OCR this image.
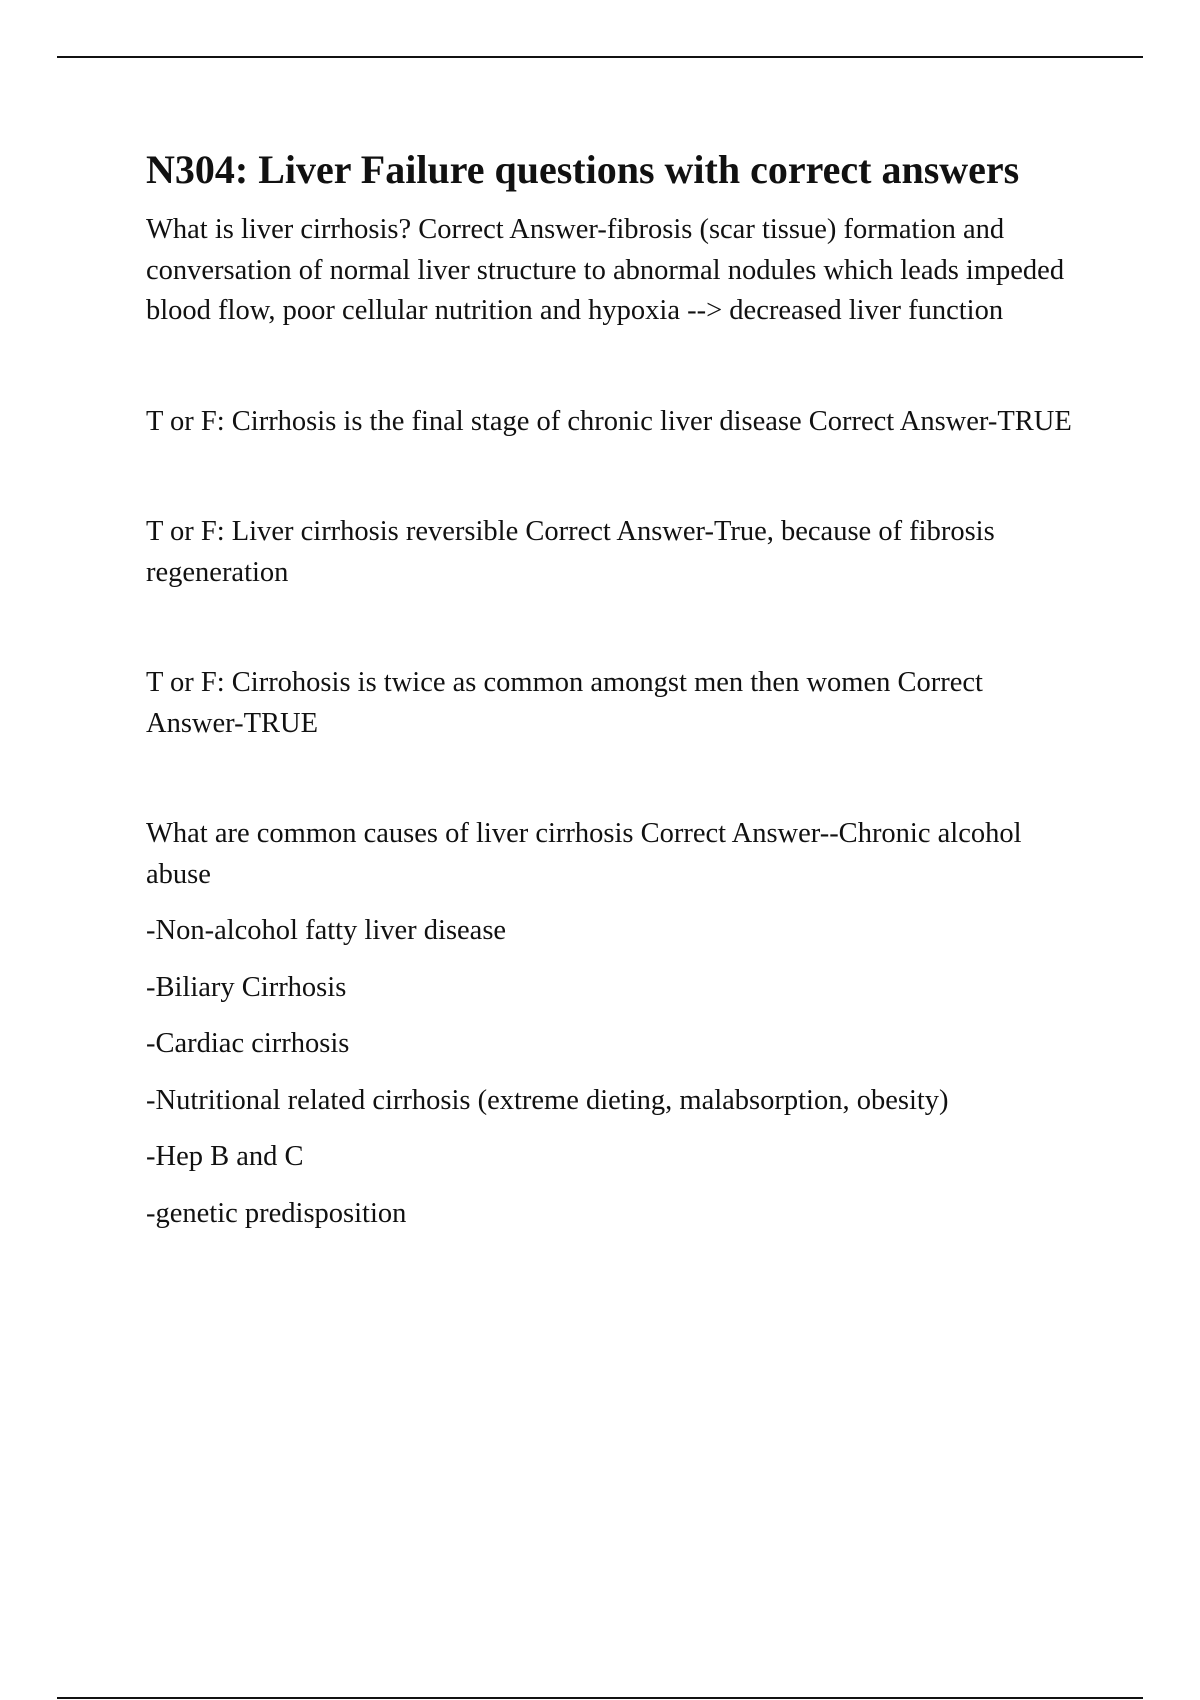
N304: Liver Failure questions with correct answers

What is liver cirrhosis? Correct Answer-fibrosis (scar tissue) formation and conversation of normal liver structure to abnormal nodules which leads impeded blood flow, poor cellular nutrition and hypoxia --> decreased liver function

T or F: Cirrhosis is the final stage of chronic liver disease Correct Answer-TRUE

T or F: Liver cirrhosis reversible Correct Answer-True, because of fibrosis regeneration

T or F: Cirrohosis is twice as common amongst men then women Correct Answer-TRUE

What are common causes of liver cirrhosis Correct Answer--Chronic alcohol abuse

-Non-alcohol fatty liver disease

-Biliary Cirrhosis

-Cardiac cirrhosis

-Nutritional related cirrhosis (extreme dieting, malabsorption, obesity)

-Hep B and C

-genetic predisposition
